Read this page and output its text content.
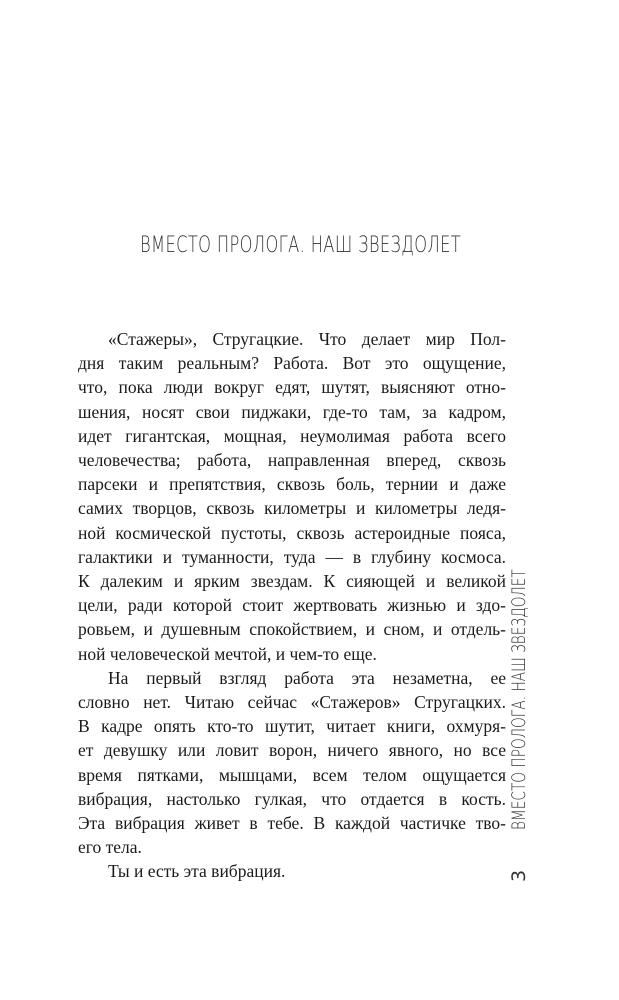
ВМЕСТО ПРОЛОГА. НАШ ЗВЕЗДОЛЕТ
«Стажеры», Стругацкие. Что делает мир Пол-
дня таким реальным? Работа. Вот это ощущение,
что, пока люди вокруг едят, шутят, выясняют отно-
шения, носят свои пиджаки, где-то там, за кадром,
идет гигантская, мощная, неумолимая работа всего
человечества; работа, направленная вперед, сквозь
парсеки и препятствия, сквозь боль, тернии и даже
самих творцов, сквозь километры и километры ледя-
ной космической пустоты, сквозь астероидные пояса,
галактики и туманности, туда — в глубину космоса.
К далеким и ярким звездам. К сияющей и великой
цели, ради которой стоит жертвовать жизнью и здо-
ровьем, и душевным спокойствием, и сном, и отдель-
ной человеческой мечтой, и чем-то еще.
На первый взгляд работа эта незаметна, ее
словно нет. Читаю сейчас «Стажеров» Стругацких.
В кадре опять кто-то шутит, читает книги, охмуря-
ет девушку или ловит ворон, ничего явного, но все
время пятками, мышцами, всем телом ощущается
вибрация, настолько гулкая, что отдается в кость.
Эта вибрация живет в тебе. В каждой частичке тво-
его тела.
Ты и есть эта вибрация.
ВМЕСТО ПРОЛОГА. НАШ ЗВЕЗДОЛЕТ
3
